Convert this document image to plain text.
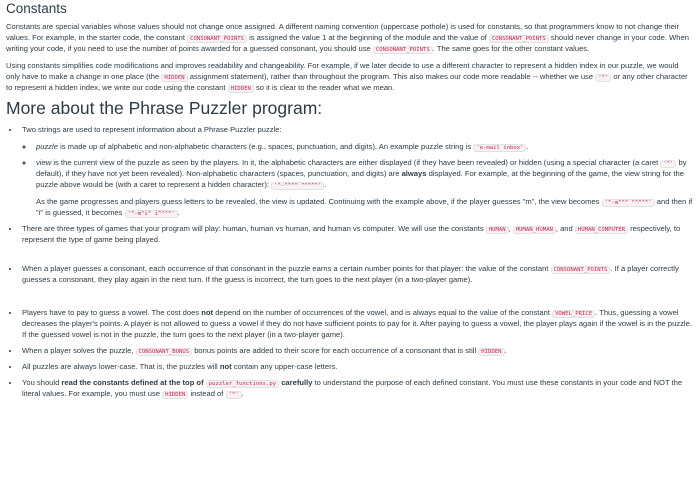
Constants

Constants are special variables whose values should not change once assigned. A different naming convention (uppercase pothole) is used for constants, so that programmers know to not change their values. For example, in the starter code, the constant CONSONANT_POINTS is assigned the value 1 at the beginning of the module and the value of CONSONANT_POINTS should never change in your code. When writing your code, if you need to use the number of points awarded for a guessed consonant, you should use CONSONANT_POINTS . The same goes for the other constant values.

Using constants simplifies code modifications and improves readability and changeability. For example, if we later decide to use a different character to represent a hidden index in our puzzle, we would only have to make a change in one place (the HIDDEN assignment statement), rather than throughout the program. This also makes our code more readable -- whether we use '^' or any other character to represent a hidden index, we write our code using the constant HIDDEN so it is clear to the reader what we mean.

More about the Phrase Puzzler program:
• Two strings are used to represent information about a Phrase Puzzler puzzle:
◦ puzzle is made up of alphabetic and non-alphabetic characters (e.g., spaces, punctuation, and digits). An example puzzle string is 'e-mail inbox' .
◦ view is the current view of the puzzle as seen by the players. In it, the alphabetic characters are either displayed (if they have been revealed) or hidden (using a special character (a caret '^' by default), if they have not yet been revealed). Non-alphabetic characters (spaces, punctuation, and digits) are always displayed. For example, at the beginning of the game, the view string for the puzzle above would be (with a caret to represent a hidden character): '^-^^^^ ^^^^^' .
As the game progresses and players guess letters to be revealed, the view is updated. Continuing with the example above, if the player guesses "m", the view becomes '^-m^^^ ^^^^^' and then if "i" is guessed, it becomes '^-m^i^ i^^^^' .
• There are three types of games that your program will play: human, human vs human, and human vs computer. We will use the constants HUMAN , HUMAN_HUMAN , and HUMAN_COMPUTER respectively, to represent the type of game being played.
• When a player guesses a consonant, each occurrence of that consonant in the puzzle earns a certain number points for that player: the value of the constant CONSONANT_POINTS . If a player correctly guesses a consonant, they play again in the next turn. If the guess is incorrect, the turn goes to the next player (in a two-player game).
• Players have to pay to guess a vowel. The cost does not depend on the number of occurrences of the vowel, and is always equal to the value of the constant VOWEL_PRICE . Thus, guessing a vowel decreases the player's points. A player is not allowed to guess a vowel if they do not have sufficient points to pay for it. After paying to guess a vowel, the player plays again if the vowel is in the puzzle. If the guessed vowel is not in the puzzle, the turn goes to the next player (in a two-player game).
• When a player solves the puzzle, CONSONANT_BONUS bonus points are added to their score for each occurrence of a consonant that is still HIDDEN .
• All puzzles are always lower-case. That is, the puzzles will not contain any upper-case letters.
• You should read the constants defined at the top of puzzler_functions.py carefully to understand the purpose of each defined constant. You must use these constants in your code and NOT the literal values. For example, you must use HIDDEN instead of '^' .
